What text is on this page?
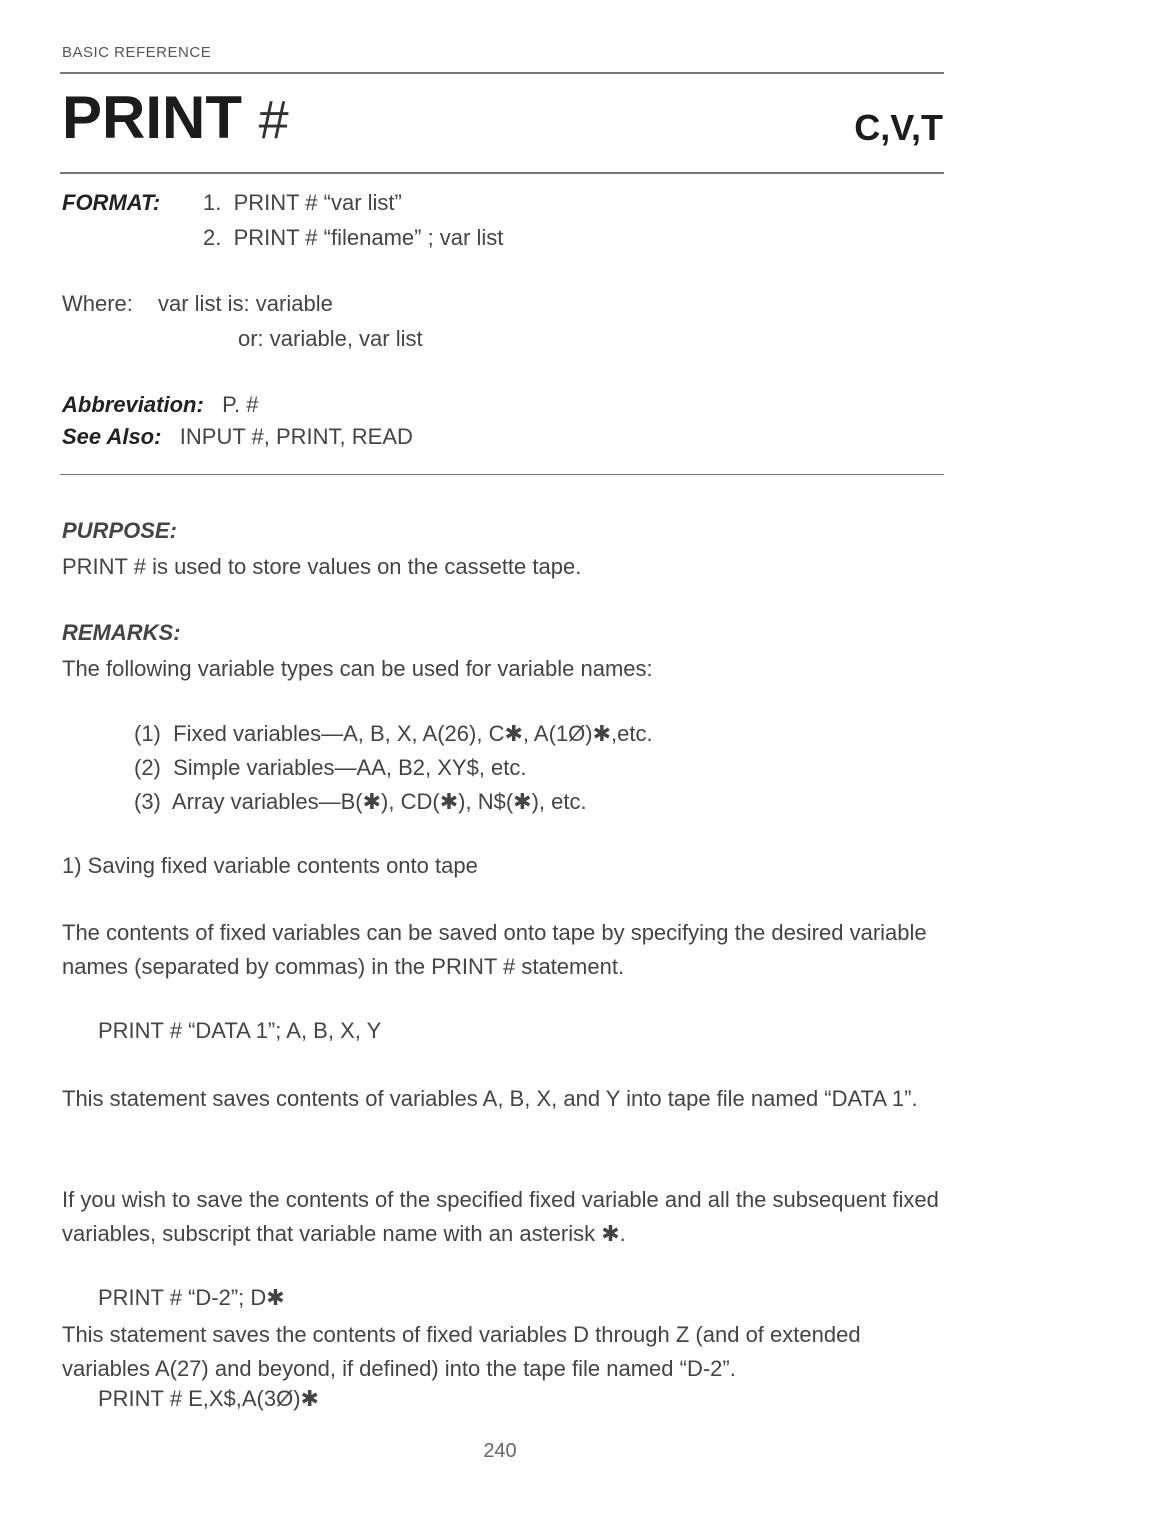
BASIC REFERENCE
PRINT #	C,V,T
FORMAT: 1. PRINT # “var list”
2. PRINT # “filename” ; var list
Where: var list is: variable
or: variable, var list
Abbreviation: P. #
See Also: INPUT #, PRINT, READ
PURPOSE:
PRINT # is used to store values on the cassette tape.
REMARKS:
The following variable types can be used for variable names:
(1) Fixed variables—A, B, X, A(26), C✱, A(1Ø)✱,etc.
(2) Simple variables—AA, B2, XY$, etc.
(3) Array variables—B(✱), CD(✱), N$(✱), etc.
1) Saving fixed variable contents onto tape
The contents of fixed variables can be saved onto tape by specifying the desired variable names (separated by commas) in the PRINT # statement.
PRINT # “DATA 1”; A, B, X, Y
This statement saves contents of variables A, B, X, and Y into tape file named “DATA 1”.
If you wish to save the contents of the specified fixed variable and all the subsequent fixed variables, subscript that variable name with an asterisk ✱.
PRINT # “D-2”; D✱
This statement saves the contents of fixed variables D through Z (and of extended variables A(27) and beyond, if defined) into the tape file named “D-2”.
PRINT # E,X$,A(3Ø)✱
240
